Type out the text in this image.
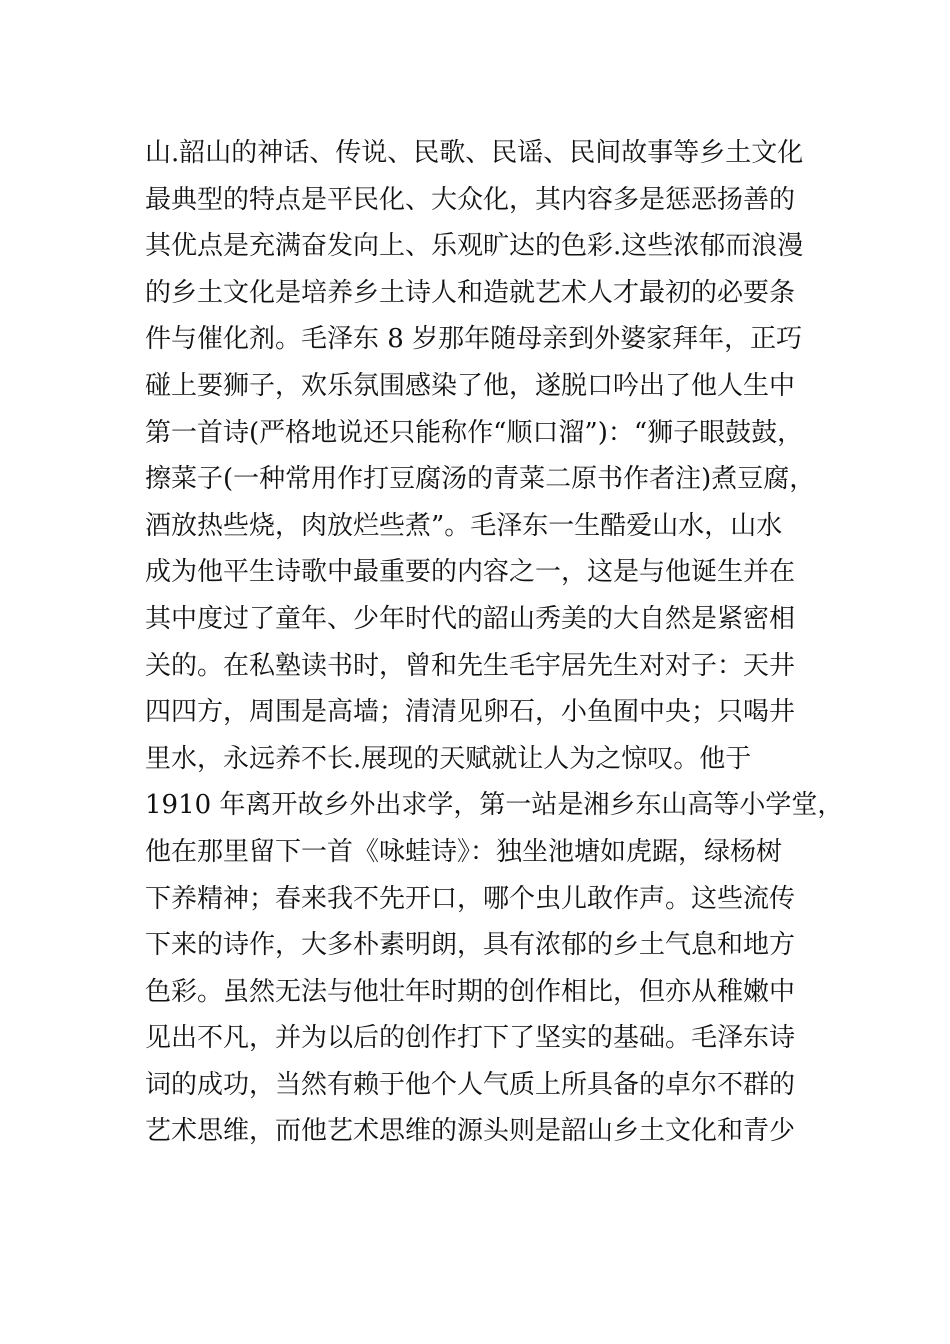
山.韶山的神话、传说、民歌、民谣、民间故事等乡土文化
最典型的特点是平民化、大众化，其内容多是惩恶扬善的
其优点是充满奋发向上、乐观旷达的色彩.这些浓郁而浪漫
的乡土文化是培养乡土诗人和造就艺术人才最初的必要条
件与催化剂。毛泽东 8 岁那年随母亲到外婆家拜年，正巧
碰上要狮子，欢乐氛围感染了他，遂脱口吟出了他人生中
第一首诗(严格地说还只能称作“顺口溜”)：“狮子眼鼓鼓，
擦菜子(一种常用作打豆腐汤的青菜二原书作者注)煮豆腐，
酒放热些烧，肉放烂些煮”。毛泽东一生酷爱山水，山水
成为他平生诗歌中最重要的内容之一，这是与他诞生并在
其中度过了童年、少年时代的韶山秀美的大自然是紧密相
关的。在私塾读书时，曾和先生毛宇居先生对对子：天井
四四方，周围是高墙；清清见卵石，小鱼囿中央；只喝井
里水，永远养不长.展现的天赋就让人为之惊叹。他于
1910 年离开故乡外出求学，第一站是湘乡东山高等小学堂，
他在那里留下一首《咏蛙诗》：独坐池塘如虎踞，绿杨树
下养精神；春来我不先开口，哪个虫儿敢作声。这些流传
下来的诗作，大多朴素明朗，具有浓郁的乡土气息和地方
色彩。虽然无法与他壮年时期的创作相比，但亦从稚嫩中
见出不凡，并为以后的创作打下了坚实的基础。毛泽东诗
词的成功，当然有赖于他个人气质上所具备的卓尔不群的
艺术思维，而他艺术思维的源头则是韶山乡土文化和青少
